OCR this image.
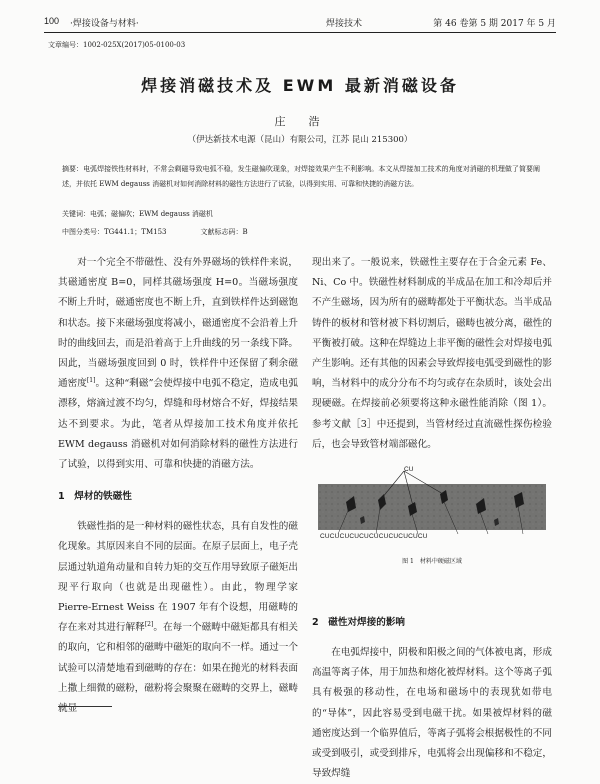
100 ·焊接设备与材料·	焊接技术	第 46 卷第 5 期 2017 年 5 月
文章编号：1002-025X(2017)05-0100-03
焊接消磁技术及 EWM 最新消磁设备
庄　浩
（伊达新技术电源（昆山）有限公司，江苏 昆山 215300）
摘要：电弧焊接铁性材料时，不常会剩磁导致电弧不稳，发生磁偏吹现象，对焊接效果产生不利影响。本文从焊接加工技术的角度对消磁的机理做了简要阐述，并依托 EWM degauss 消磁机对如何消除材料的磁性方法进行了试验，以得到实用、可靠和快捷的消磁方法。
关键词：电弧；磁偏吹；EWM degauss 消磁机
中图分类号：TG441.1；TM153	文献标志码：B

对一个完全不带磁性、没有外界磁场的铁样件来说，其磁通密度 B=0，同样其磁场强度 H=0。当磁场强度不断上升时，磁通密度也不断上升，直到铁样件达到磁饱和状态。接下来磁场强度将减小，磁通密度不会沿着上升时的曲线回去，而是沿着高于上升曲线的另一条线下降。因此，当磁场强度回到 0 时，铁样件中还保留了剩余磁通密度[1]。这种“剩磁”会使焊接中电弧不稳定，造成电弧漂移，熔滴过渡不均匀，焊缝和母材熔合不好，焊接结果达不到要求。为此，笔者从焊接加工技术角度并依托 EWM degauss 消磁机对如何消除材料的磁性方法进行了试验，以得到实用、可靠和快捷的消磁方法。

1　焊材的铁磁性

铁磁性指的是一种材料的磁性状态，具有自发性的磁化现象。其原因来自不同的层面。在原子层面上，电子壳层通过轨道角动量和自转力矩的交互作用导致原子磁矩出现平行取向（也就是出现磁性）。由此，物理学家 Pierre-Ernest Weiss 在 1907 年有个设想，用磁畴的存在来对其进行解释[2]。在每一个磁畴中磁矩都具有相关的取向，它和相邻的磁畴中磁矩的取向不一样。通过一个试验可以清楚地看到磁畴的存在：如果在抛光的材料表面上撒上细微的磁粉，磁粉将会聚聚在磁畴的交界上，磁畴就显

现出来了。一般说来，铁磁性主要存在于合金元素 Fe、Ni、Co 中。铁磁性材料制成的半成品在加工和冷却后并不产生磁场，因为所有的磁畴都处于平衡状态。当半成品铸件的板材和管材被下料切割后，磁畴也被分离，磁性的平衡被打破。这种在焊缝边上非平衡的磁性会对焊接电弧产生影响。还有其他的因素会导致焊接电弧受到磁性的影响，当材料中的成分分布不均匀或存在杂质时，该处会出现硬磁。在焊接前必须要将这种永磁性能消除（图 1）。参考文献［3］中还提到，当管材经过直流磁性探伤检验后，也会导致管材端部磁化。

2　磁性对焊接的影响

在电弧焊接中，阴极和阳极之间的气体被电离，形成高温等离子体，用于加热和熔化被焊材料。这个等离子弧具有极强的移动性，在电场和磁场中的表现犹如带电的“导体”，因此容易受到电磁干扰。如果被焊材料的磁通密度达到一个临界值后，等离子弧将会根据极性的不同或受到吸引，或受到排斥，电弧将会出现偏移和不稳定，导致焊缝

CU
CUCUCUCUCUCUCUCUCUCUCU
图 1　材料中硬磁区域
